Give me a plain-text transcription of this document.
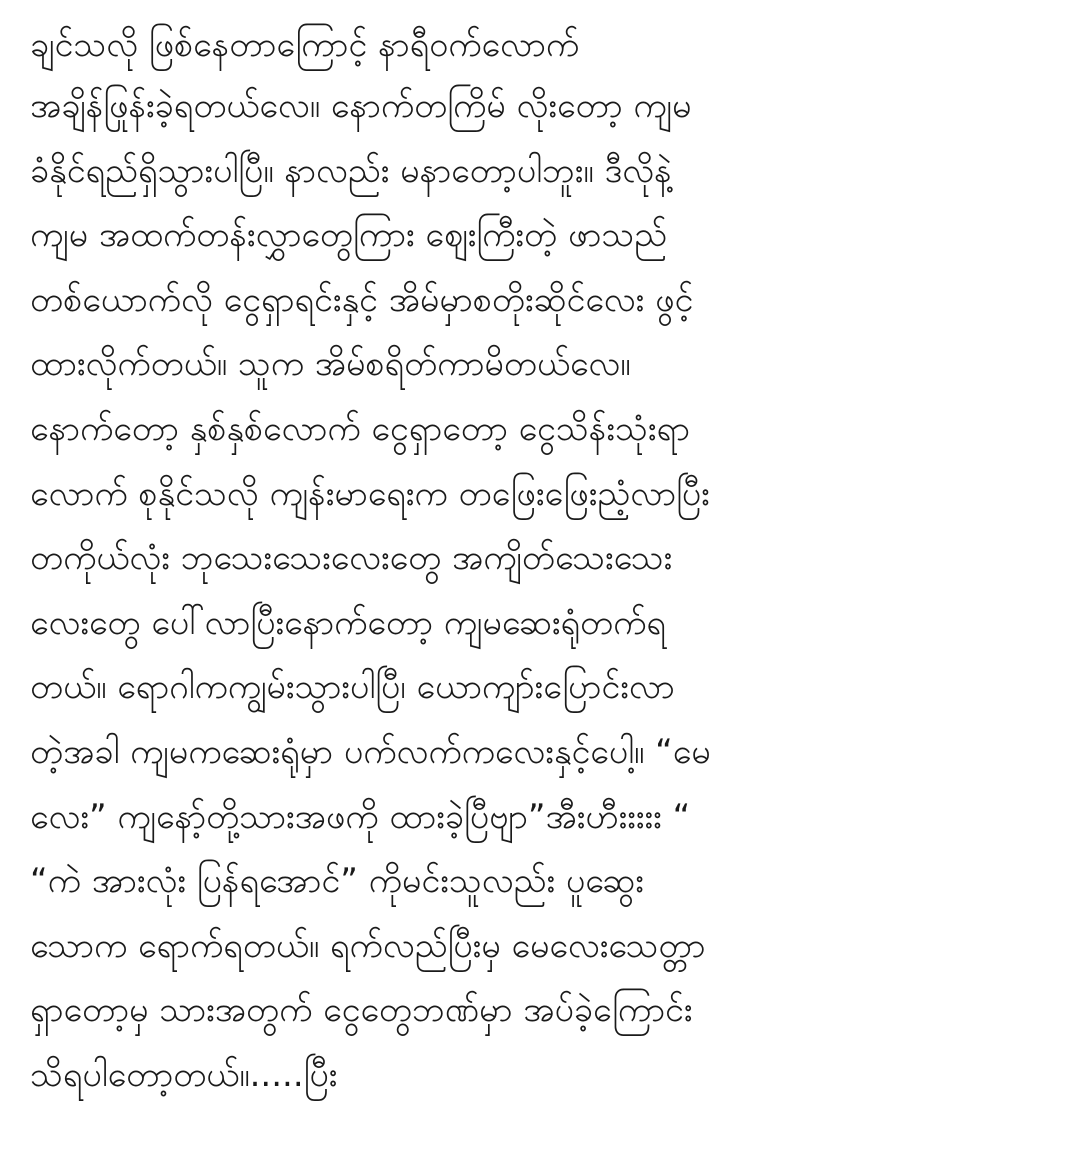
ချင်သလို ဖြစ်နေတာကြောင့် နာရီဝက်လောက်
အချိန်ဖြုန်းခဲ့ရတယ်လေ။ နောက်တကြိမ် လိုးတော့ ကျမ
ခံနိုင်ရည်ရှိသွားပါပြီ။ နာလည်း မနာတော့ပါဘူး။ ဒီလိုနဲ့
ကျမ အထက်တန်းလွှာတွေကြား ဈေးကြီးတဲ့ ဖာသည်
တစ်ယောက်လို ငွေရှာရင်းနှင့် အိမ်မှာစတိုးဆိုင်လေး ဖွင့်
ထားလိုက်တယ်။ သူက အိမ်စရိတ်ကာမိတယ်လေ။
နောက်တော့ နှစ်နှစ်လောက် ငွေရှာတော့ ငွေသိန်းသုံးရာ
လောက် စုနိုင်သလို ကျန်းမာရေးက တဖြေးဖြေးညံ့လာပြီး
တကိုယ်လုံး ဘုသေးသေးလေးတွေ အကျိတ်သေးသေး
လေးတွေ ပေါ်လာပြီးနောက်တော့ ကျမဆေးရုံတက်ရ
တယ်။ ရောဂါကကျွမ်းသွားပါပြီ၊ ယောကျာ်းပြောင်းလာ
တဲ့အခါ ကျမကဆေးရုံမှာ ပက်လက်ကလေးနှင့်ပေါ့။ “မေ
လေး” ကျနော့်တို့သားအဖကို ထားခဲ့ပြီဗျာ”အီးဟီးးးးး “
“ကဲ အားလုံး ပြန်ရအောင်” ကိုမင်းသူလည်း ပူဆွေး
သောက ရောက်ရတယ်။ ရက်လည်ပြီးမှ မေလေးသေတ္တာ
ရှာတော့မှ သားအတွက် ငွေတွေဘဏ်မှာ အပ်ခဲ့ကြောင်း
သိရပါတော့တယ်။.....ပြီး
